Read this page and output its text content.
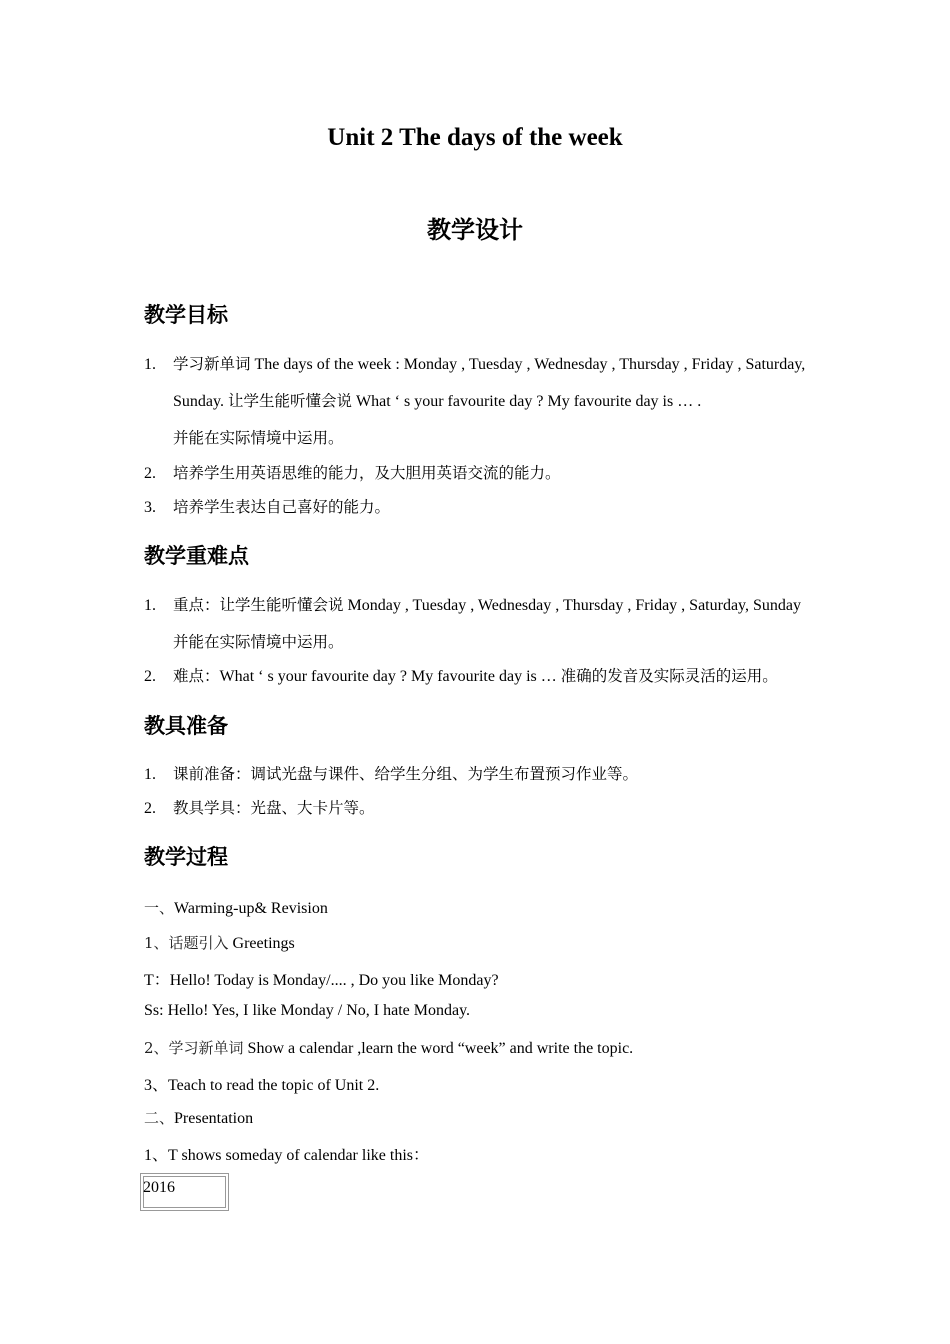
Unit 2 The days of the week
教学设计
教学目标
1. 学习新单词 The days of the week : Monday , Tuesday , Wednesday , Thursday , Friday , Saturday, Sunday. 让学生能听懂会说 What ‘ s your favourite day ? My favourite day is … .
并能在实际情境中运用。
2. 培养学生用英语思维的能力，及大胆用英语交流的能力。
3. 培养学生表达自己喜好的能力。
教学重难点
1. 重点：让学生能听懂会说 Monday , Tuesday , Wednesday , Thursday , Friday , Saturday, Sunday 并能在实际情境中运用。
2. 难点：What ‘ s your favourite day ? My favourite day is … 准确的发音及实际灵活的运用。
教具准备
1. 课前准备：调试光盘与课件、给学生分组、为学生布置预习作业等。
2. 教具学具：光盘、大卡片等。
教学过程
一、Warming-up& Revision
1、话题引入 Greetings
T：Hello! Today is Monday/.... , Do you like Monday?
Ss: Hello! Yes, I like Monday / No, I hate Monday.
2、学习新单词 Show a calendar ,learn the word “week” and write the topic.
3、Teach to read the topic of Unit 2.
二、Presentation
1、T shows someday of calendar like this：
2016
